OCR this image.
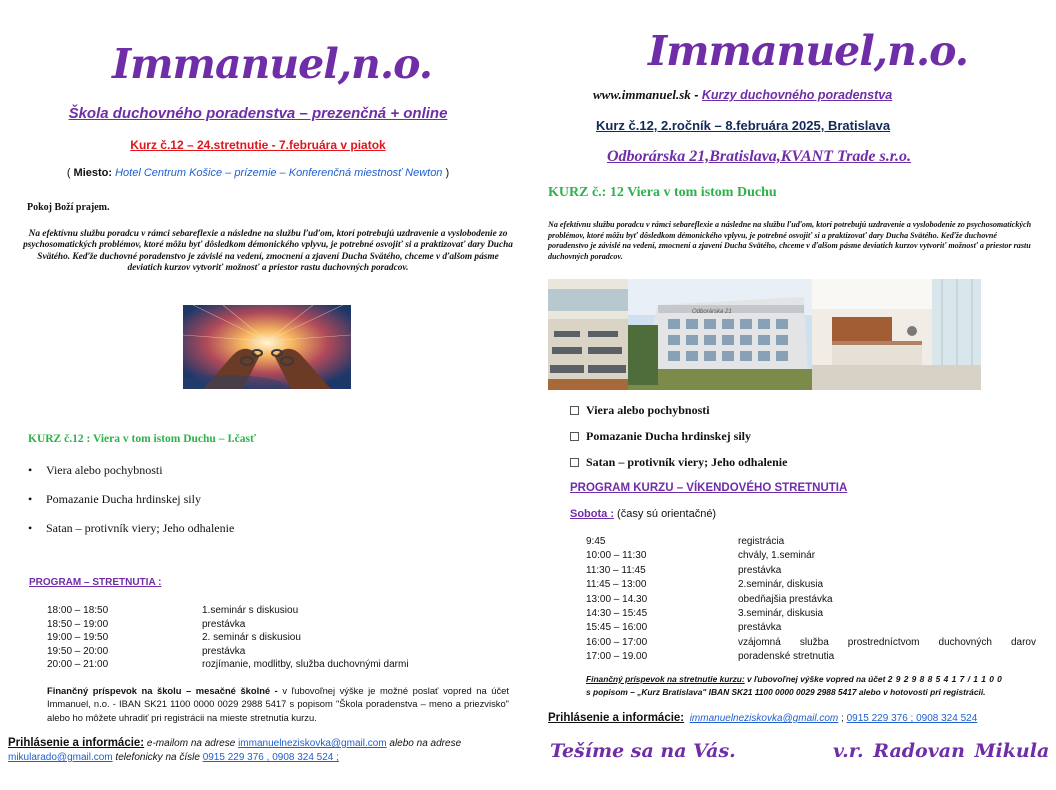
Immanuel,n.o.
Škola duchovného poradenstva – prezenčná + online
Kurz č.12 – 24.stretnutie - 7.februára v piatok
( Miesto: Hotel Centrum Košice – prízemie – Konferenčná miestnosť Newton )
Pokoj Boží prajem.
Na efektívnu službu poradcu v rámci sebareflexie a následne na službu ľuďom, ktorí potrebujú uzdravenie a vyslobodenie zo psychosomatických problémov, ktoré môžu byť dôsledkom démonického vplyvu, je potrebné osvojiť si a praktizovať dary Ducha Svätého. Keďže duchovné poradenstvo je závislé na vedení, zmocnení a zjavení Ducha Svätého, chceme v ďalšom pásme deviatich kurzov vytvoriť možnosť a priestor rastu duchovných poradcov.
KURZ č.12 : Viera v tom istom Duchu – I.časť
• Viera alebo pochybnosti
• Pomazanie Ducha hrdinskej sily
• Satan – protivník viery; Jeho odhalenie
PROGRAM – STRETNUTIA :
18:00 – 18:50	1.seminár s diskusiou
18:50 – 19:00	prestávka
19:00 – 19:50	2. seminár s diskusiou
19:50 – 20:00	prestávka
20:00 – 21:00	rozjímanie, modlitby, služba duchovnými darmi
Finančný príspevok na školu – mesačné školné - v ľubovoľnej výške je možné poslať vopred na účet Immanuel, n.o. - IBAN SK21 1100 0000 0029 2988 5417 s popisom "Škola poradenstva – meno a priezvisko" alebo ho môžete uhradiť pri registrácii na mieste stretnutia kurzu.
Prihlásenie a informácie: e-mailom na adrese immanuelneziskovka@gmail.com alebo na adrese
mikularado@gmail.com telefonicky na čísle 0915 229 376 , 0908 324 524 ;
Immanuel,n.o.
www.immanuel.sk - Kurzy duchovného poradenstva
Kurz č.12, 2.ročník – 8.februára 2025, Bratislava
Odborárska 21,Bratislava,KVANT Trade s.r.o.
KURZ č.: 12 Viera v tom istom Duchu
Na efektívnu službu poradcu v rámci sebareflexie a následne na službu ľuďom, ktorí potrebujú uzdravenie a vyslobodenie zo psychosomatických problémov, ktoré môžu byť dôsledkom démonického vplyvu, je potrebné osvojiť si a praktizovať dary Ducha Svätého. Keďže duchovné poradenstvo je závislé na vedení, zmocnení a zjavení Ducha Svätého, chceme v ďalšom pásme deviatich kurzov vytvoriť možnosť a priestor rastu duchovných poradcov.
Odborárska 21
Viera alebo pochybnosti
Pomazanie Ducha hrdinskej sily
Satan – protivník viery; Jeho odhalenie
PROGRAM KURZU – VÍKENDOVÉHO STRETNUTIA
Sobota : (časy sú orientačné)
9:45	registrácia
10:00 – 11:30	chvály, 1.seminár
11:30 – 11:45	prestávka
11:45 – 13:00	2.seminár, diskusia
13:00 – 14.30	obedňajšia prestávka
14:30 – 15:45	3.seminár, diskusia
15:45 – 16:00	prestávka
16:00 – 17:00	vzájomná služba prostredníctvom duchovných darov
17:00 – 19.00	poradenské stretnutia
Finančný príspevok na stretnutie kurzu: v ľubovoľnej výške vopred na účet 2 9 2 9 8 8 5 4 1 7 / 1 1 0 0
s popisom – „Kurz Bratislava" IBAN SK21 1100 0000 0029 2988 5417 alebo v hotovosti pri registrácii.
Prihlásenie a informácie: immanuelneziskovka@gmail.com ; 0915 229 376 ; 0908 324 524
Tešíme sa na Vás.	v.r. Radovan Mikula
